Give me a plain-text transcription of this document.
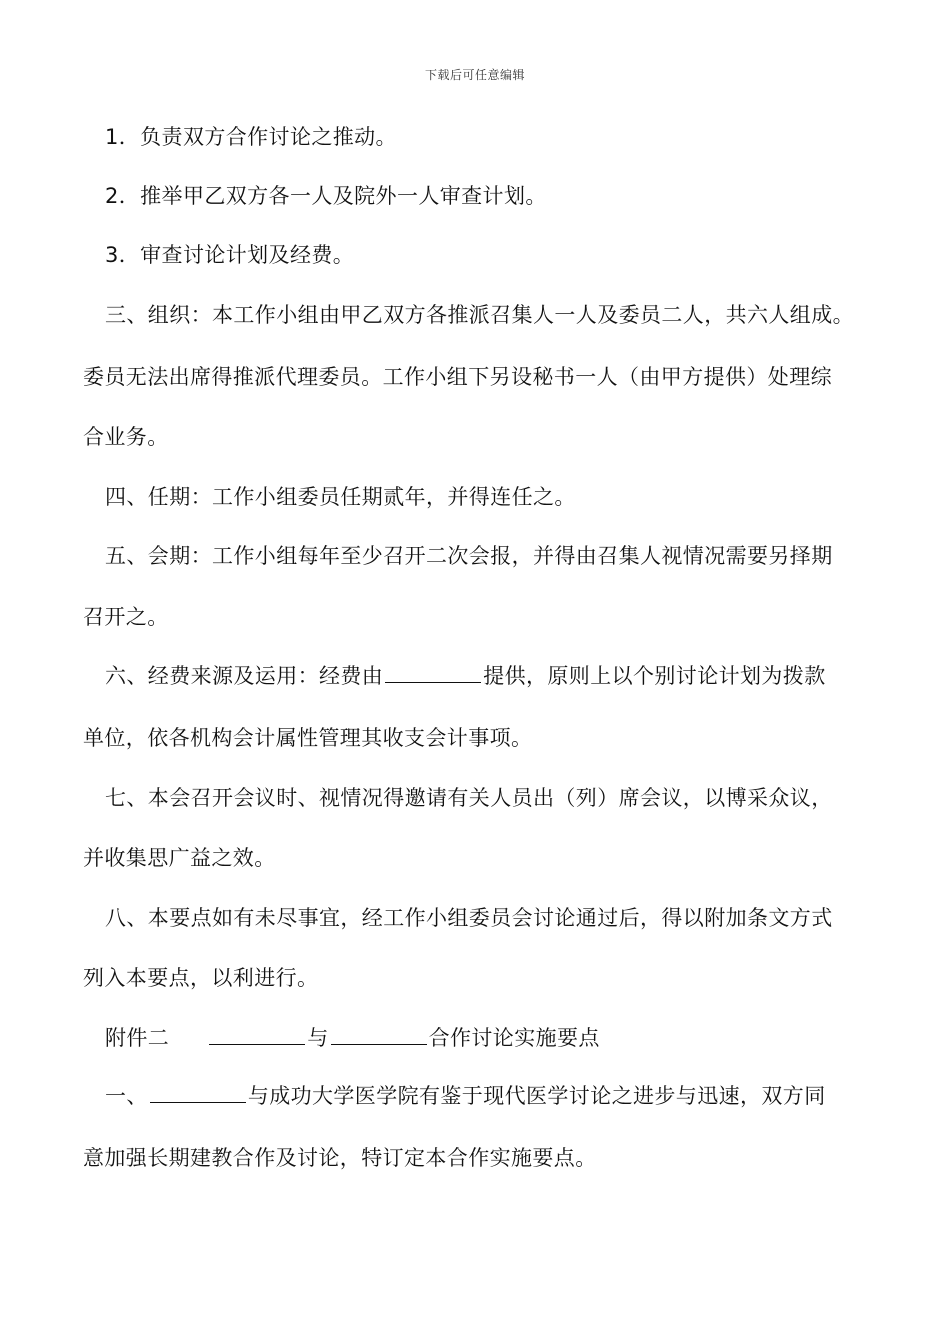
下载后可任意编辑
1．负责双方合作讨论之推动。
2．推举甲乙双方各一人及院外一人审查计划。
3．审查讨论计划及经费。
三、组织：本工作小组由甲乙双方各推派召集人一人及委员二人，共六人组成。
委员无法出席得推派代理委员。工作小组下另设秘书一人（由甲方提供）处理综
合业务。
四、任期：工作小组委员任期贰年，并得连任之。
五、会期：工作小组每年至少召开二次会报，并得由召集人视情况需要另择期
召开之。
六、经费来源及运用：经费由	提供，原则上以个别讨论计划为拨款
单位，依各机构会计属性管理其收支会计事项。
七、本会召开会议时、视情况得邀请有关人员出（列）席会议，以博采众议，
并收集思广益之效。
八、本要点如有未尽事宜，经工作小组委员会讨论通过后，得以附加条文方式
列入本要点，以利进行。
附件二	与	合作讨论实施要点
一、	与成功大学医学院有鉴于现代医学讨论之进步与迅速，双方同
意加强长期建教合作及讨论，特订定本合作实施要点。
